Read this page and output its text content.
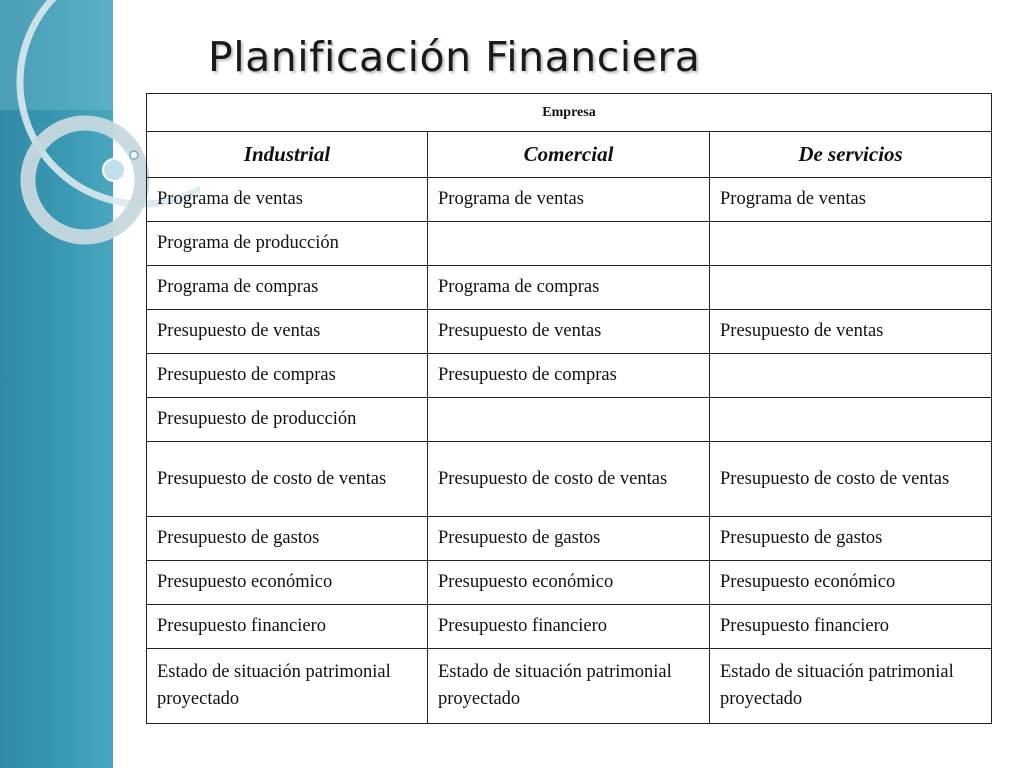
Planificación Financiera
Empresa		
Industrial	Comercial	De servicios
Programa de ventas	Programa de ventas	Programa de ventas
Programa de producción		
Programa de compras	Programa de compras	
Presupuesto de ventas	Presupuesto de ventas	Presupuesto de ventas
Presupuesto de compras	Presupuesto de compras	
Presupuesto de producción		
Presupuesto de costo de ventas	Presupuesto de costo de ventas	Presupuesto de costo de ventas
Presupuesto de gastos	Presupuesto de gastos	Presupuesto de gastos
Presupuesto económico	Presupuesto económico	Presupuesto económico
Presupuesto financiero	Presupuesto financiero	Presupuesto financiero
Estado de situación patrimonial proyectado	Estado de situación patrimonial proyectado	Estado de situación patrimonial proyectado
